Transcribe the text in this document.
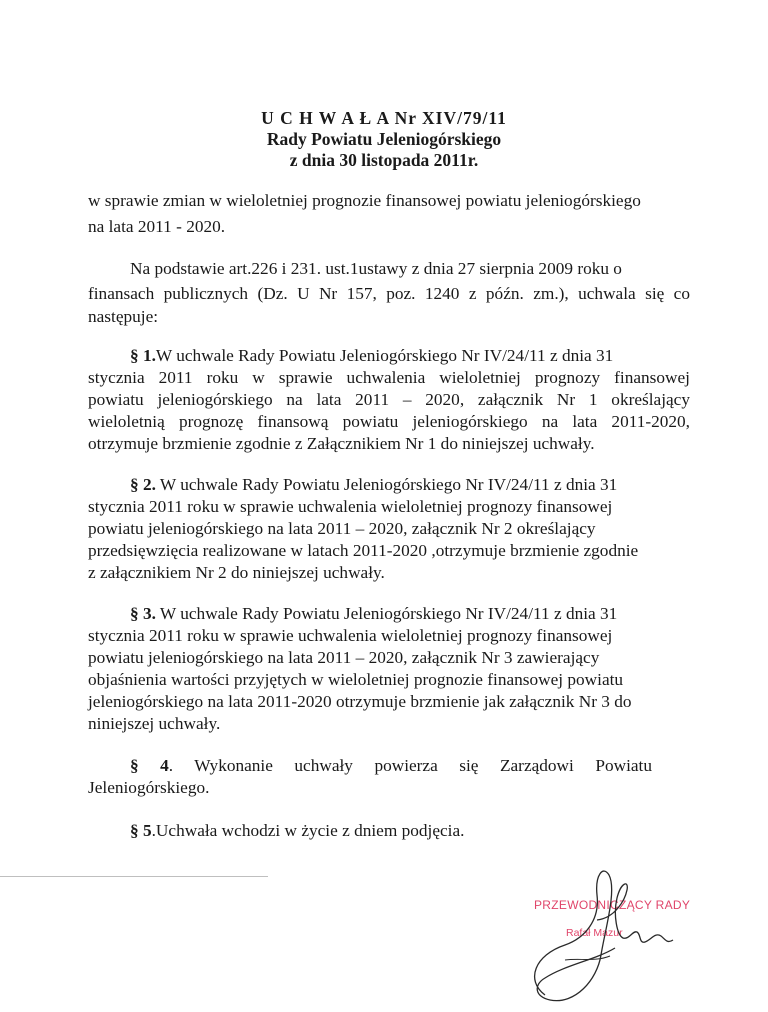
U C H W A Ł A Nr XIV/79/11
Rady Powiatu Jeleniogórskiego
z dnia 30 listopada 2011r.
w sprawie zmian w wieloletniej prognozie finansowej powiatu jeleniogórskiego
na lata 2011 - 2020.
Na podstawie art.226 i 231. ust.1ustawy z dnia 27 sierpnia 2009 roku o
finansach publicznych (Dz. U Nr 157, poz. 1240 z późn. zm.), uchwala się co
następuje:
§ 1.W uchwale Rady Powiatu Jeleniogórskiego Nr IV/24/11 z dnia 31
stycznia 2011 roku w sprawie uchwalenia wieloletniej prognozy finansowej
powiatu jeleniogórskiego na lata 2011 – 2020, załącznik Nr 1 określający
wieloletnią prognozę finansową powiatu jeleniogórskiego na lata 2011-2020,
otrzymuje brzmienie zgodnie z Załącznikiem Nr 1 do niniejszej uchwały.
§ 2. W uchwale Rady Powiatu Jeleniogórskiego Nr IV/24/11 z dnia 31
stycznia 2011 roku w sprawie uchwalenia wieloletniej prognozy finansowej
powiatu jeleniogórskiego na lata 2011 – 2020, załącznik Nr 2 określający
przedsięwzięcia realizowane w latach 2011-2020 ,otrzymuje brzmienie zgodnie
z załącznikiem Nr 2 do niniejszej uchwały.
§ 3. W uchwale Rady Powiatu Jeleniogórskiego Nr IV/24/11 z dnia 31
stycznia 2011 roku w sprawie uchwalenia wieloletniej prognozy finansowej
powiatu jeleniogórskiego na lata 2011 – 2020, załącznik Nr 3 zawierający
objaśnienia wartości przyjętych w wieloletniej prognozie finansowej powiatu
jeleniogórskiego na lata 2011-2020 otrzymuje brzmienie jak załącznik Nr 3 do
niniejszej uchwały.
§ 4. Wykonanie uchwały powierza się Zarządowi Powiatu
Jeleniogórskiego.
§ 5.Uchwała wchodzi w życie z dniem podjęcia.
PRZEWODNICZĄCY RADY
Rafał Mazur
